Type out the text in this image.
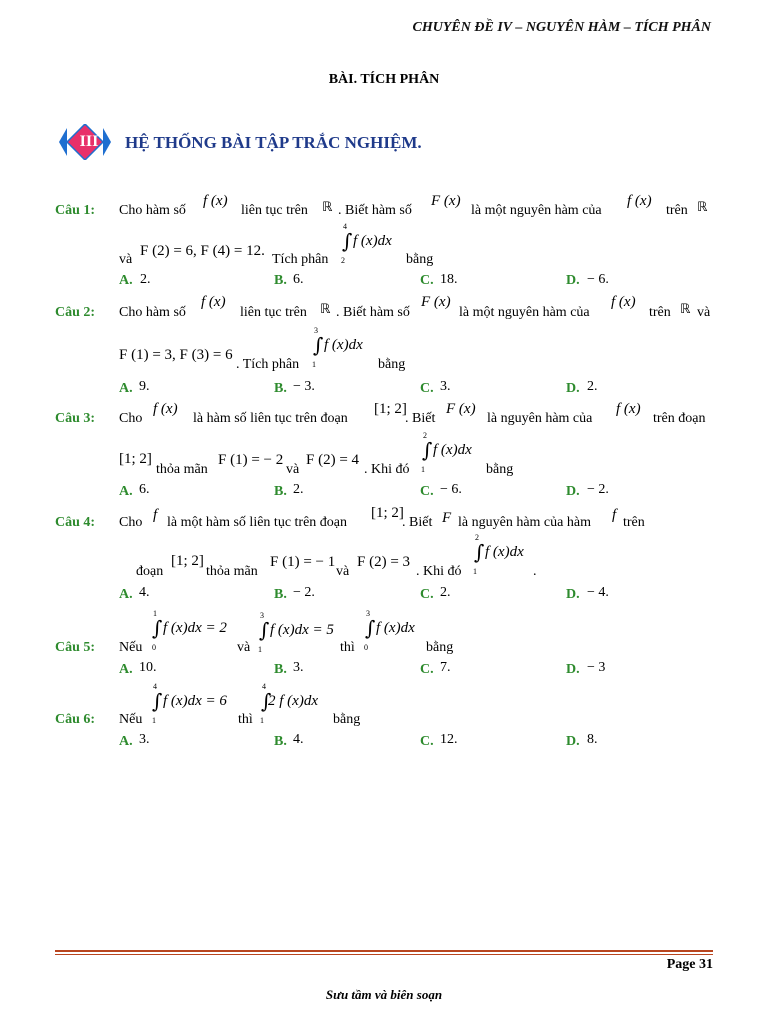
CHUYÊN ĐỀ IV – NGUYÊN HÀM – TÍCH PHÂN
BÀI. TÍCH PHÂN
III	HỆ THỐNG BÀI TẬP TRẮC NGHIỆM.
Câu 1: Cho hàm số
f (x)
liên tục trên ℝ . Biết hàm số
F (x)
là một nguyên hàm của
f (x)
trên ℝ
và
F (2) = 6, F (4) = 12.
Tích phân
4
∫
2
f (x)dx
bằng
A. 2.	B. 6.	C. 18.	D. − 6.
Câu 2: Cho hàm số
f (x)
liên tục trên ℝ . Biết hàm số
F (x)
là một nguyên hàm của
f (x)
trên ℝ và
F (1) = 3, F (3) = 6
. Tích phân
3
∫
1
f (x)dx
bằng
A. 9.	B. − 3.	C. 3.	D. 2.
Câu 3: Cho
f (x)
là hàm số liên tục trên đoạn
[1; 2]
. Biết
F (x)
là nguyên hàm của
f (x)
trên đoạn
[1; 2]
thỏa mãn
F (1) = − 2
và
F (2) = 4
. Khi đó
2
∫
1
f (x)dx
bằng
A. 6.	B. 2.	C. − 6.	D. − 2.
Câu 4: Cho f là một hàm số liên tục trên đoạn
[1; 2]
. Biết F là nguyên hàm của hàm f trên
đoạn
[1; 2]
thỏa mãn
F (1) = − 1
và
F (2) = 3
. Khi đó
2
∫
1
f (x)dx
.
A. 4.	B. − 2.	C. 2.	D. − 4.
Câu 5: Nếu
1
∫
0
f (x)dx = 2
và
3
∫
1
f (x)dx = 5
thì
3
∫
0
f (x)dx
bằng
A. 10.	B. 3.	C. 7.	D. − 3
Câu 6: Nếu
4
∫
1
f (x)dx = 6
thì
4
∫
1
2 f (x)dx
bằng
A. 3.	B. 4.	C. 12.	D. 8.
Page 31
Sưu tầm và biên soạn
